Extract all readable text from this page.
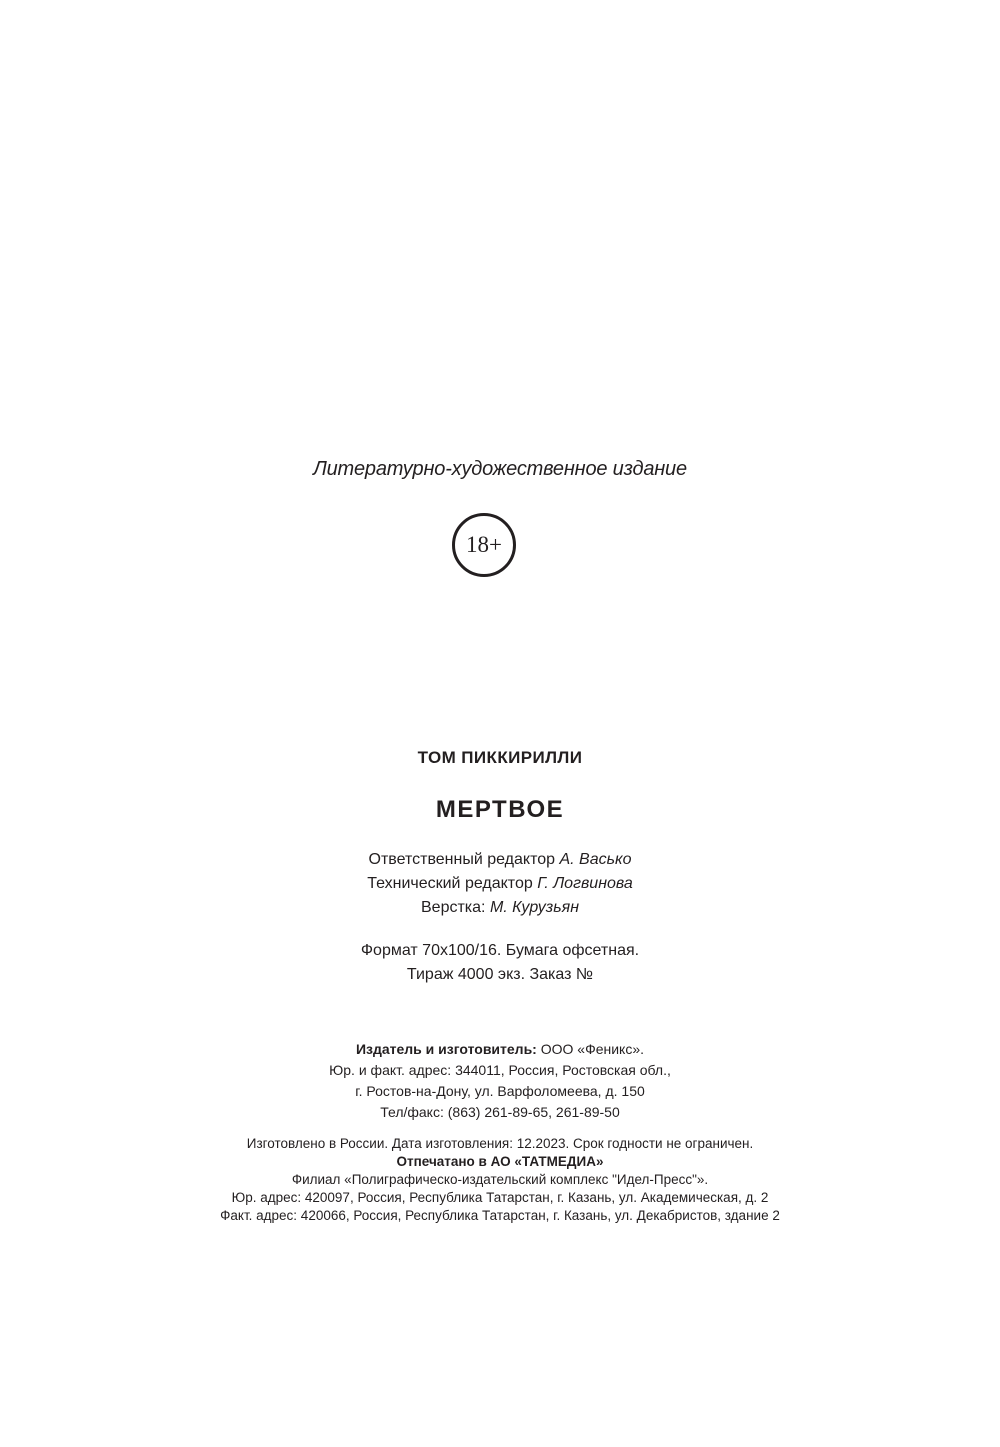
Литературно-художественное издание
18+
ТОМ ПИККИРИЛЛИ
МЕРТВОЕ
Ответственный редактор А. Васько
Технический редактор Г. Логвинова
Верстка: М. Курузьян
Формат 70x100/16. Бумага офсетная.
Тираж 4000 экз. Заказ №
Издатель и изготовитель: ООО «Феникс».
Юр. и факт. адрес: 344011, Россия, Ростовская обл.,
г. Ростов-на-Дону, ул. Варфоломеева, д. 150
Тел/факс: (863) 261-89-65, 261-89-50
Изготовлено в России. Дата изготовления: 12.2023. Срок годности не ограничен.
Отпечатано в АО «ТАТМЕДИА»
Филиал «Полиграфическо-издательский комплекс "Идел-Пресс"».
Юр. адрес: 420097, Россия, Республика Татарстан, г. Казань, ул. Академическая, д. 2
Факт. адрес: 420066, Россия, Республика Татарстан, г. Казань, ул. Декабристов, здание 2
